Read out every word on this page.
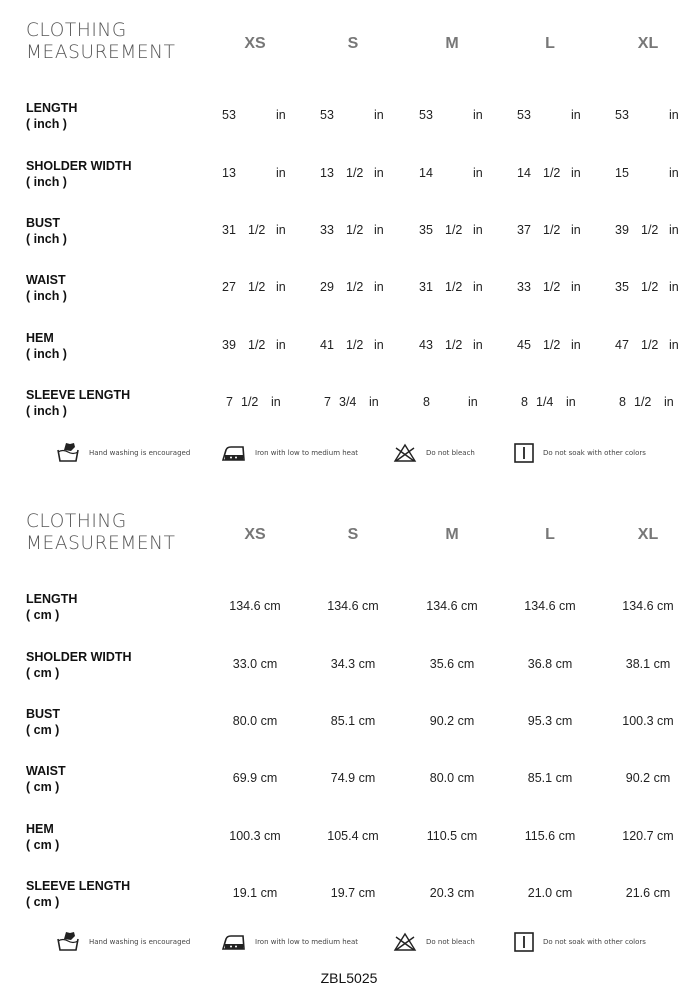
CLOTHING
MEASUREMENT	XS	S	M	L	XL
LENGTH
( inch )
53	in	53	in	53	in	53	in	53	in
SHOLDER WIDTH
( inch )
13	in	13 1/2 in	14	in	14 1/2 in	15	in
BUST
( inch )
31 1/2 in	33 1/2 in	35 1/2 in	37 1/2 in	39 1/2 in
WAIST
( inch )
27 1/2 in	29 1/2 in	31 1/2 in	33 1/2 in	35 1/2 in
HEM
( inch )
39 1/2 in	41 1/2 in	43 1/2 in	45 1/2 in	47 1/2 in
SLEEVE LENGTH
( inch )
7 1/2 in	7 3/4 in	8	in	8 1/4 in	8 1/2 in
Hand washing is encouraged	Iron with low to medium heat	Do not bleach	Do not soak with other colors
CLOTHING
MEASUREMENT	XS	S	M	L	XL
LENGTH
( cm )
134.6 cm	134.6 cm	134.6 cm	134.6 cm	134.6 cm
SHOLDER WIDTH
( cm )
33.0 cm	34.3 cm	35.6 cm	36.8 cm	38.1 cm
BUST
( cm )
80.0 cm	85.1 cm	90.2 cm	95.3 cm	100.3 cm
WAIST
( cm )
69.9 cm	74.9 cm	80.0 cm	85.1 cm	90.2 cm
HEM
( cm )
100.3 cm	105.4 cm	110.5 cm	115.6 cm	120.7 cm
SLEEVE LENGTH
( cm )
19.1 cm	19.7 cm	20.3 cm	21.0 cm	21.6 cm
Hand washing is encouraged	Iron with low to medium heat	Do not bleach	Do not soak with other colors
ZBL5025
